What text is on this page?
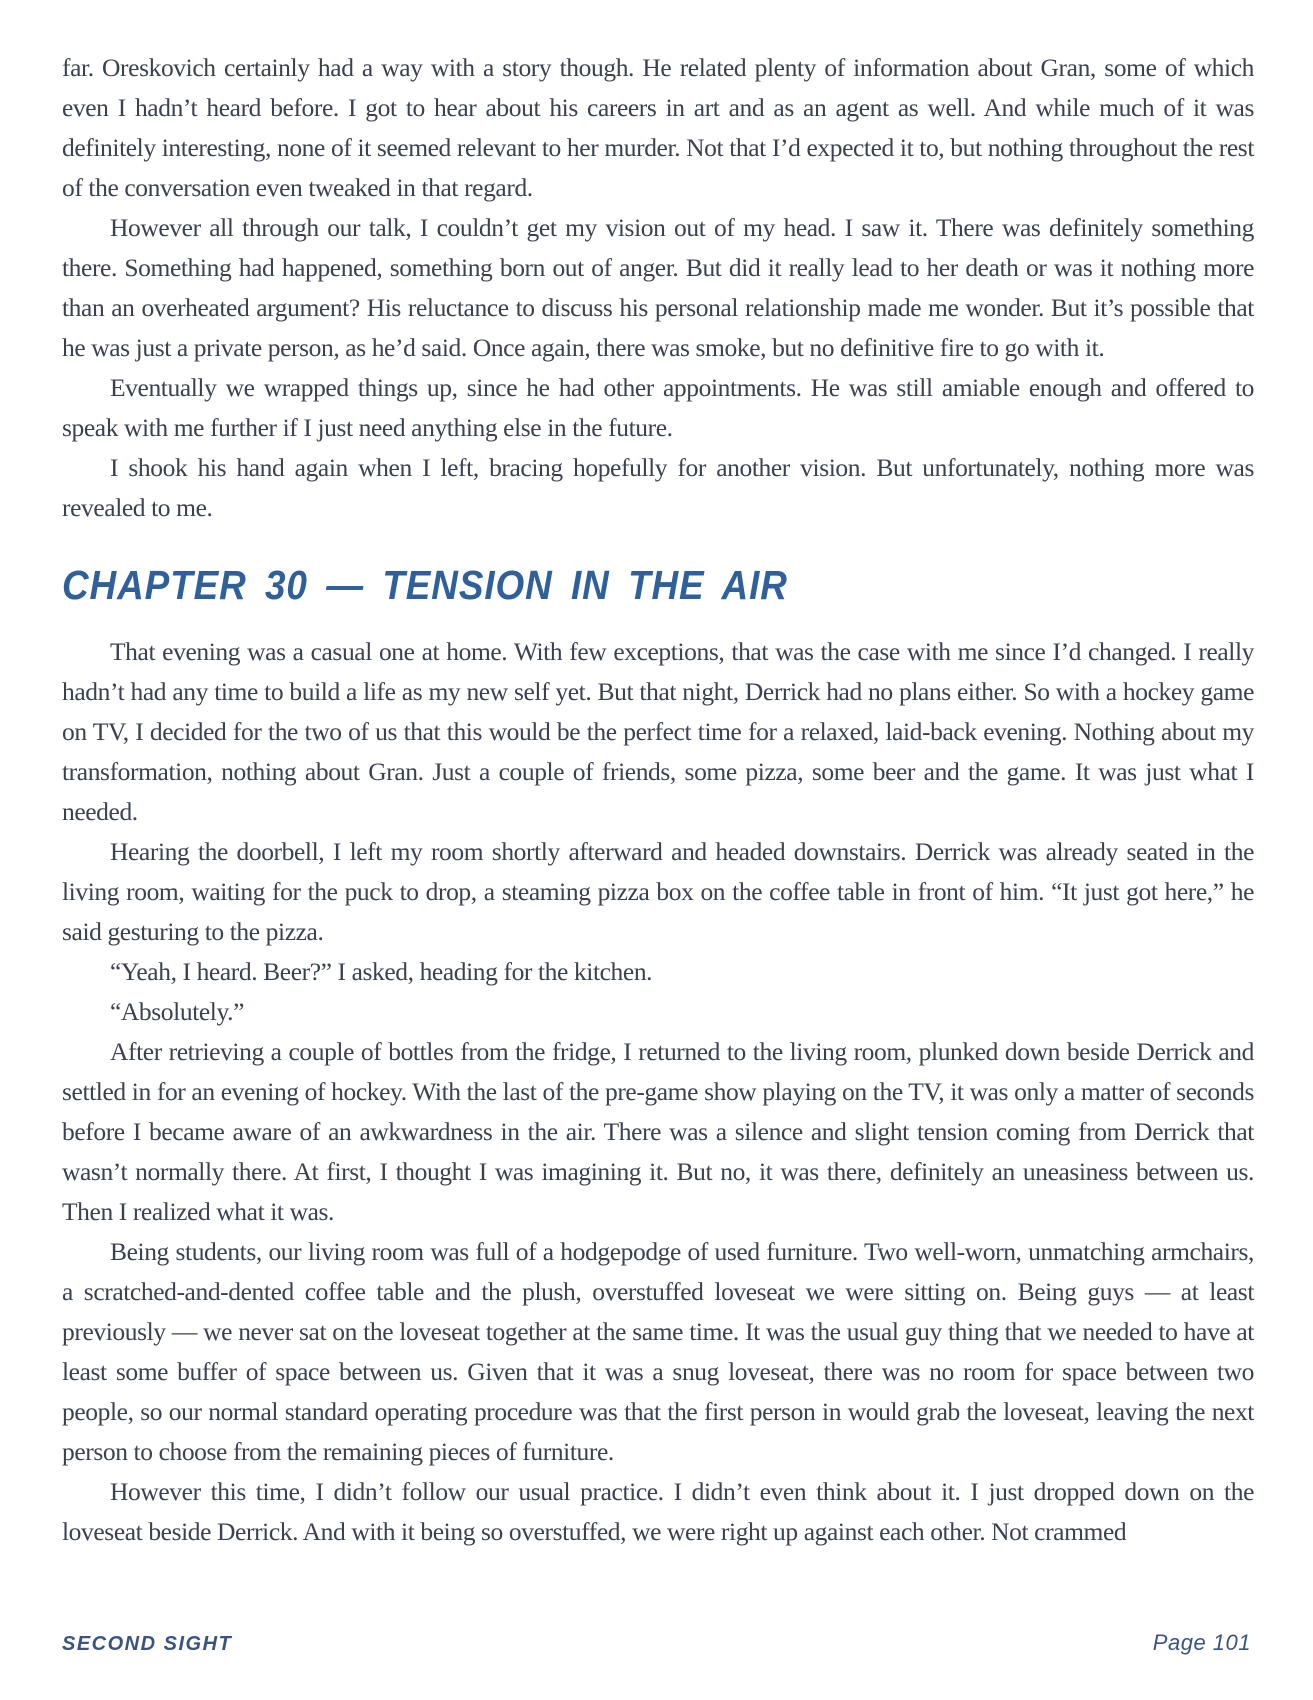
far. Oreskovich certainly had a way with a story though. He related plenty of information about Gran, some of which even I hadn’t heard before. I got to hear about his careers in art and as an agent as well. And while much of it was definitely interesting, none of it seemed relevant to her murder. Not that I’d expected it to, but nothing throughout the rest of the conversation even tweaked in that regard.

However all through our talk, I couldn’t get my vision out of my head. I saw it. There was definitely something there. Something had happened, something born out of anger. But did it really lead to her death or was it nothing more than an overheated argument? His reluctance to discuss his personal relationship made me wonder. But it’s possible that he was just a private person, as he’d said. Once again, there was smoke, but no definitive fire to go with it.

Eventually we wrapped things up, since he had other appointments. He was still amiable enough and offered to speak with me further if I just need anything else in the future.

I shook his hand again when I left, bracing hopefully for another vision. But unfortunately, nothing more was revealed to me.

CHAPTER 30 — TENSION IN THE AIR

That evening was a casual one at home. With few exceptions, that was the case with me since I’d changed. I really hadn’t had any time to build a life as my new self yet. But that night, Derrick had no plans either. So with a hockey game on TV, I decided for the two of us that this would be the perfect time for a relaxed, laid-back evening. Nothing about my transformation, nothing about Gran. Just a couple of friends, some pizza, some beer and the game. It was just what I needed.

Hearing the doorbell, I left my room shortly afterward and headed downstairs. Derrick was already seated in the living room, waiting for the puck to drop, a steaming pizza box on the coffee table in front of him. “It just got here,” he said gesturing to the pizza.

“Yeah, I heard. Beer?” I asked, heading for the kitchen.

“Absolutely.”

After retrieving a couple of bottles from the fridge, I returned to the living room, plunked down beside Derrick and settled in for an evening of hockey. With the last of the pre-game show playing on the TV, it was only a matter of seconds before I became aware of an awkwardness in the air. There was a silence and slight tension coming from Derrick that wasn’t normally there. At first, I thought I was imagining it. But no, it was there, definitely an uneasiness between us. Then I realized what it was.

Being students, our living room was full of a hodgepodge of used furniture. Two well-worn, unmatching armchairs, a scratched-and-dented coffee table and the plush, overstuffed loveseat we were sitting on. Being guys — at least previously — we never sat on the loveseat together at the same time. It was the usual guy thing that we needed to have at least some buffer of space between us. Given that it was a snug loveseat, there was no room for space between two people, so our normal standard operating procedure was that the first person in would grab the loveseat, leaving the next person to choose from the remaining pieces of furniture.

However this time, I didn’t follow our usual practice. I didn’t even think about it. I just dropped down on the loveseat beside Derrick. And with it being so overstuffed, we were right up against each other. Not crammed

SECOND SIGHT	Page 101
